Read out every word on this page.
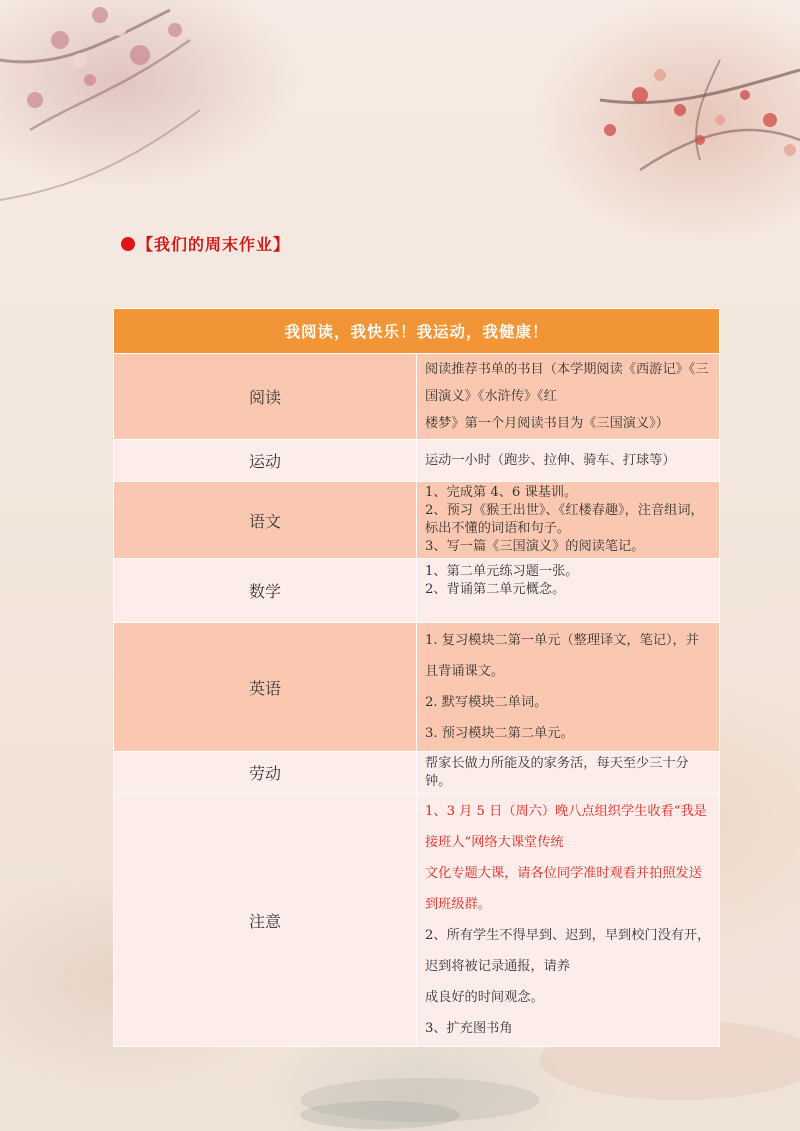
【我们的周末作业】
我阅读，我快乐！我运动，我健康！	
阅读	阅读推荐书单的书目（本学期阅读《西游记》《三国演义》《水浒传》《红

楼梦》第一个月阅读书目为《三国演义》）

运动	运动一小时（跑步、拉伸、骑车、打球等）

语文	1、完成第 4、6 课基训。

2、预习《猴王出世》、《红楼春趣》，注音组词，标出不懂的词语和句子。

3、写一篇《三国演义》的阅读笔记。

数学	1、第二单元练习题一张。

2、背诵第二单元概念。

英语	1. 复习模块二第一单元（整理译文，笔记），并且背诵课文。

2. 默写模块二单词。

3. 预习模块二第二单元。

劳动	帮家长做力所能及的家务活，每天至少三十分钟。

注意	1、3 月 5 日（周六）晚八点组织学生收看“我是接班人”网络大课堂传统

文化专题大课，请各位同学准时观看并拍照发送到班级群。

2、所有学生不得早到、迟到，早到校门没有开，迟到将被记录通报，请养

成良好的时间观念。

3、扩充图书角
